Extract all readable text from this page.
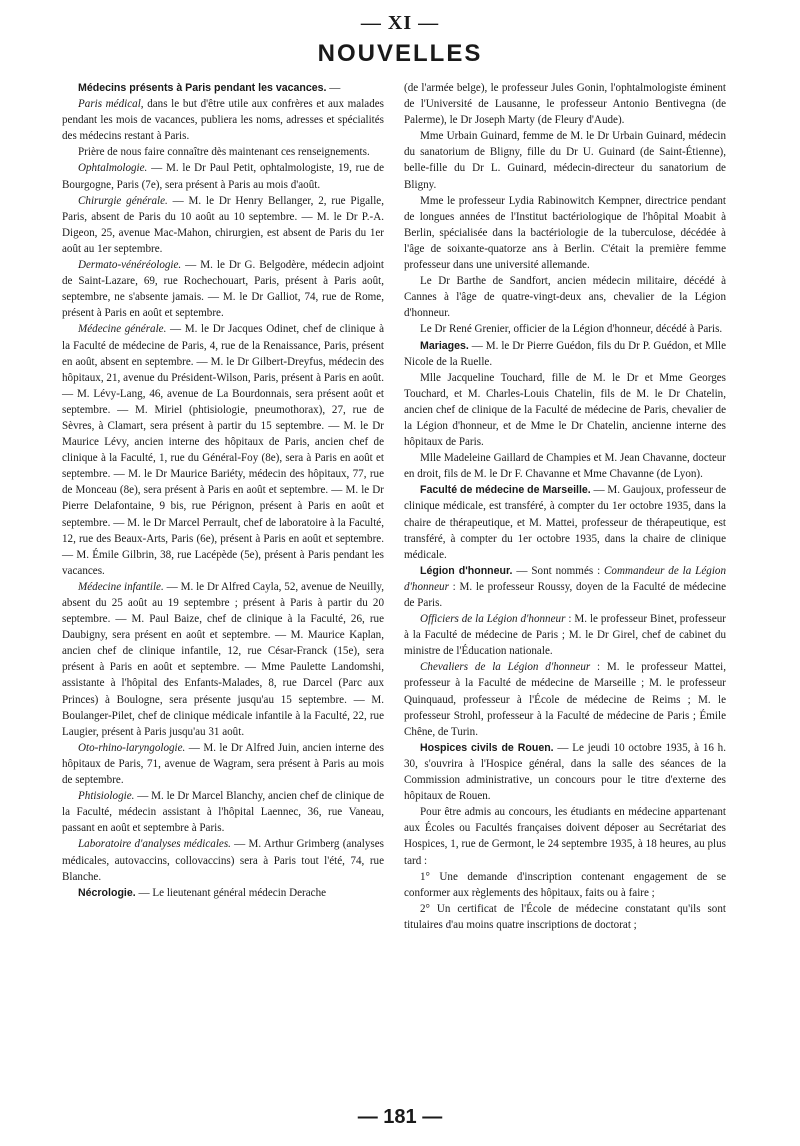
— XI —
NOUVELLES

Médecins présents à Paris pendant les vacances. —

Paris médical, dans le but d'être utile aux confrères et aux malades pendant les mois de vacances, publiera les noms, adresses et spécialités des médecins restant à Paris.

Prière de nous faire connaître dès maintenant ces renseignements.

Ophtalmologie. — M. le Dr Paul Petit, ophtalmologiste, 19, rue de Bourgogne, Paris (7e), sera présent à Paris au mois d'août.

Chirurgie générale. — M. le Dr Henry Bellanger, 2, rue Pigalle, Paris, absent de Paris du 10 août au 10 septembre. — M. le Dr P.-A. Digeon, 25, avenue Mac-Mahon, chirurgien, est absent de Paris du 1er août au 1er septembre.

Dermato-vénéréologie. — M. le Dr G. Belgodère, médecin adjoint de Saint-Lazare, 69, rue Rochechouart, Paris, présent à Paris août, septembre, ne s'absente jamais. — M. le Dr Galliot, 74, rue de Rome, présent à Paris en août et septembre.

Médecine générale. — M. le Dr Jacques Odinet, chef de clinique à la Faculté de médecine de Paris, 4, rue de la Renaissance, Paris, présent en août, absent en septembre. — M. le Dr Gilbert-Dreyfus, médecin des hôpitaux, 21, avenue du Président-Wilson, Paris, présent à Paris en août. — M. Lévy-Lang, 46, avenue de La Bourdonnais, sera présent août et septembre. — M. Miriel (phtisiologie, pneumothorax), 27, rue de Sèvres, à Clamart, sera présent à partir du 15 septembre. — M. le Dr Maurice Lévy, ancien interne des hôpitaux de Paris, ancien chef de clinique à la Faculté, 1, rue du Général-Foy (8e), sera à Paris en août et septembre. — M. le Dr Maurice Bariéty, médecin des hôpitaux, 77, rue de Monceau (8e), sera présent à Paris en août et septembre. — M. le Dr Pierre Delafontaine, 9 bis, rue Pérignon, présent à Paris en août et septembre. — M. le Dr Marcel Perrault, chef de laboratoire à la Faculté, 12, rue des Beaux-Arts, Paris (6e), présent à Paris en août et septembre. — M. Émile Gilbrin, 38, rue Lacépède (5e), présent à Paris pendant les vacances.

Médecine infantile. — M. le Dr Alfred Cayla, 52, avenue de Neuilly, absent du 25 août au 19 septembre ; présent à Paris à partir du 20 septembre. — M. Paul Baize, chef de clinique à la Faculté, 26, rue Daubigny, sera présent en août et septembre. — M. Maurice Kaplan, ancien chef de clinique infantile, 12, rue César-Franck (15e), sera présent à Paris en août et septembre. — Mme Paulette Landomshi, assistante à l'hôpital des Enfants-Malades, 8, rue Darcel (Parc aux Princes) à Boulogne, sera présente jusqu'au 15 septembre. — M. Boulanger-Pilet, chef de clinique médicale infantile à la Faculté, 22, rue Laugier, présent à Paris jusqu'au 31 août.

Oto-rhino-laryngologie. — M. le Dr Alfred Juin, ancien interne des hôpitaux de Paris, 71, avenue de Wagram, sera présent à Paris au mois de septembre.

Phtisiologie. — M. le Dr Marcel Blanchy, ancien chef de clinique de la Faculté, médecin assistant à l'hôpital Laennec, 36, rue Vaneau, passant en août et septembre à Paris.

Laboratoire d'analyses médicales. — M. Arthur Grimberg (analyses médicales, autovaccins, collovaccins) sera à Paris tout l'été, 74, rue Blanche.

Nécrologie. — Le lieutenant général médecin Derache

(de l'armée belge), le professeur Jules Gonin, l'ophtalmologiste éminent de l'Université de Lausanne, le professeur Antonio Bentivegna (de Palerme), le Dr Joseph Marty (de Fleury d'Aude).

Mme Urbain Guinard, femme de M. le Dr Urbain Guinard, médecin du sanatorium de Bligny, fille du Dr U. Guinard (de Saint-Étienne), belle-fille du Dr L. Guinard, médecin-directeur du sanatorium de Bligny.

Mme le professeur Lydia Rabinowitch Kempner, directrice pendant de longues années de l'Institut bactériologique de l'hôpital Moabit à Berlin, spécialisée dans la bactériologie de la tuberculose, décédée à l'âge de soixante-quatorze ans à Berlin. C'était la première femme professeur dans une université allemande.

Le Dr Barthe de Sandfort, ancien médecin militaire, décédé à Cannes à l'âge de quatre-vingt-deux ans, chevalier de la Légion d'honneur.

Le Dr René Grenier, officier de la Légion d'honneur, décédé à Paris.

Mariages. — M. le Dr Pierre Guédon, fils du Dr P. Guédon, et Mlle Nicole de la Ruelle.

Mlle Jacqueline Touchard, fille de M. le Dr et Mme Georges Touchard, et M. Charles-Louis Chatelin, fils de M. le Dr Chatelin, ancien chef de clinique de la Faculté de médecine de Paris, chevalier de la Légion d'honneur, et de Mme le Dr Chatelin, ancienne interne des hôpitaux de Paris.

Mlle Madeleine Gaillard de Champies et M. Jean Chavanne, docteur en droit, fils de M. le Dr F. Chavanne et Mme Chavanne (de Lyon).

Faculté de médecine de Marseille. — M. Gaujoux, professeur de clinique médicale, est transféré, à compter du 1er octobre 1935, dans la chaire de thérapeutique, et M. Mattei, professeur de thérapeutique, est transféré, à compter du 1er octobre 1935, dans la chaire de clinique médicale.

Légion d'honneur. — Sont nommés : Commandeur de la Légion d'honneur : M. le professeur Roussy, doyen de la Faculté de médecine de Paris.

Officiers de la Légion d'honneur : M. le professeur Binet, professeur à la Faculté de médecine de Paris ; M. le Dr Girel, chef de cabinet du ministre de l'Éducation nationale.

Chevaliers de la Légion d'honneur : M. le professeur Mattei, professeur à la Faculté de médecine de Marseille ; M. le professeur Quinquaud, professeur à l'École de médecine de Reims ; M. le professeur Strohl, professeur à la Faculté de médecine de Paris ; Émile Chêne, de Turin.

Hospices civils de Rouen. — Le jeudi 10 octobre 1935, à 16 h. 30, s'ouvrira à l'Hospice général, dans la salle des séances de la Commission administrative, un concours pour le titre d'externe des hôpitaux de Rouen.

Pour être admis au concours, les étudiants en médecine appartenant aux Écoles ou Facultés françaises doivent déposer au Secrétariat des Hospices, 1, rue de Germont, le 24 septembre 1935, à 18 heures, au plus tard :

1° Une demande d'inscription contenant engagement de se conformer aux règlements des hôpitaux, faits ou à faire ;

2° Un certificat de l'École de médecine constatant qu'ils sont titulaires d'au moins quatre inscriptions de doctorat ;

— 181 —
